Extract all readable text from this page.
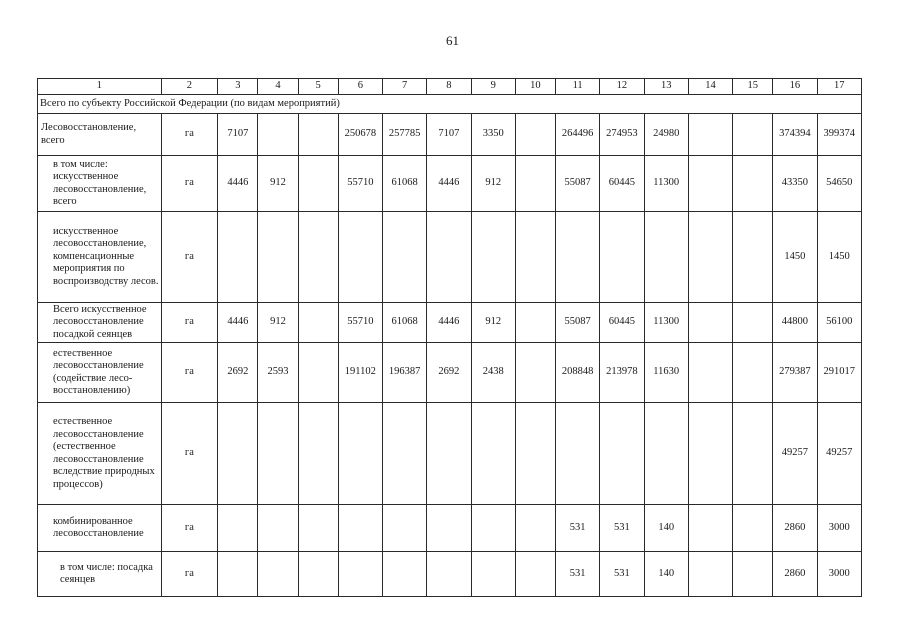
61
1	2	3	4	5	6	7	8	9	10	11	12	13	14	15	16	17
Всего по субъекту Российской Федерации (по видам мероприятий)																
Лесовосстановление, всего	га	7107			250678	257785	7107	3350		264496	274953	24980			374394	399374
в том числе: искусственное лесовосстановление, всего	га	4446	912		55710	61068	4446	912		55087	60445	11300			43350	54650
искусственное лесовосстановление, компенсационные мероприятия по воспроизводству лесов.	га														1450	1450
Всего искусственное лесовосстановление посадкой сеянцев	га	4446	912		55710	61068	4446	912		55087	60445	11300			44800	56100
естественное лесовосстановление (содействие лесо-восстановлению)	га	2692	2593		191102	196387	2692	2438		208848	213978	11630			279387	291017
естественное лесовосстановление (естественное лесовосстановление вследствие природных процессов)	га														49257	49257
комбинированное лесовосстановление	га									531	531	140			2860	3000
в том числе: посадка сеянцев	га									531	531	140			2860	3000
